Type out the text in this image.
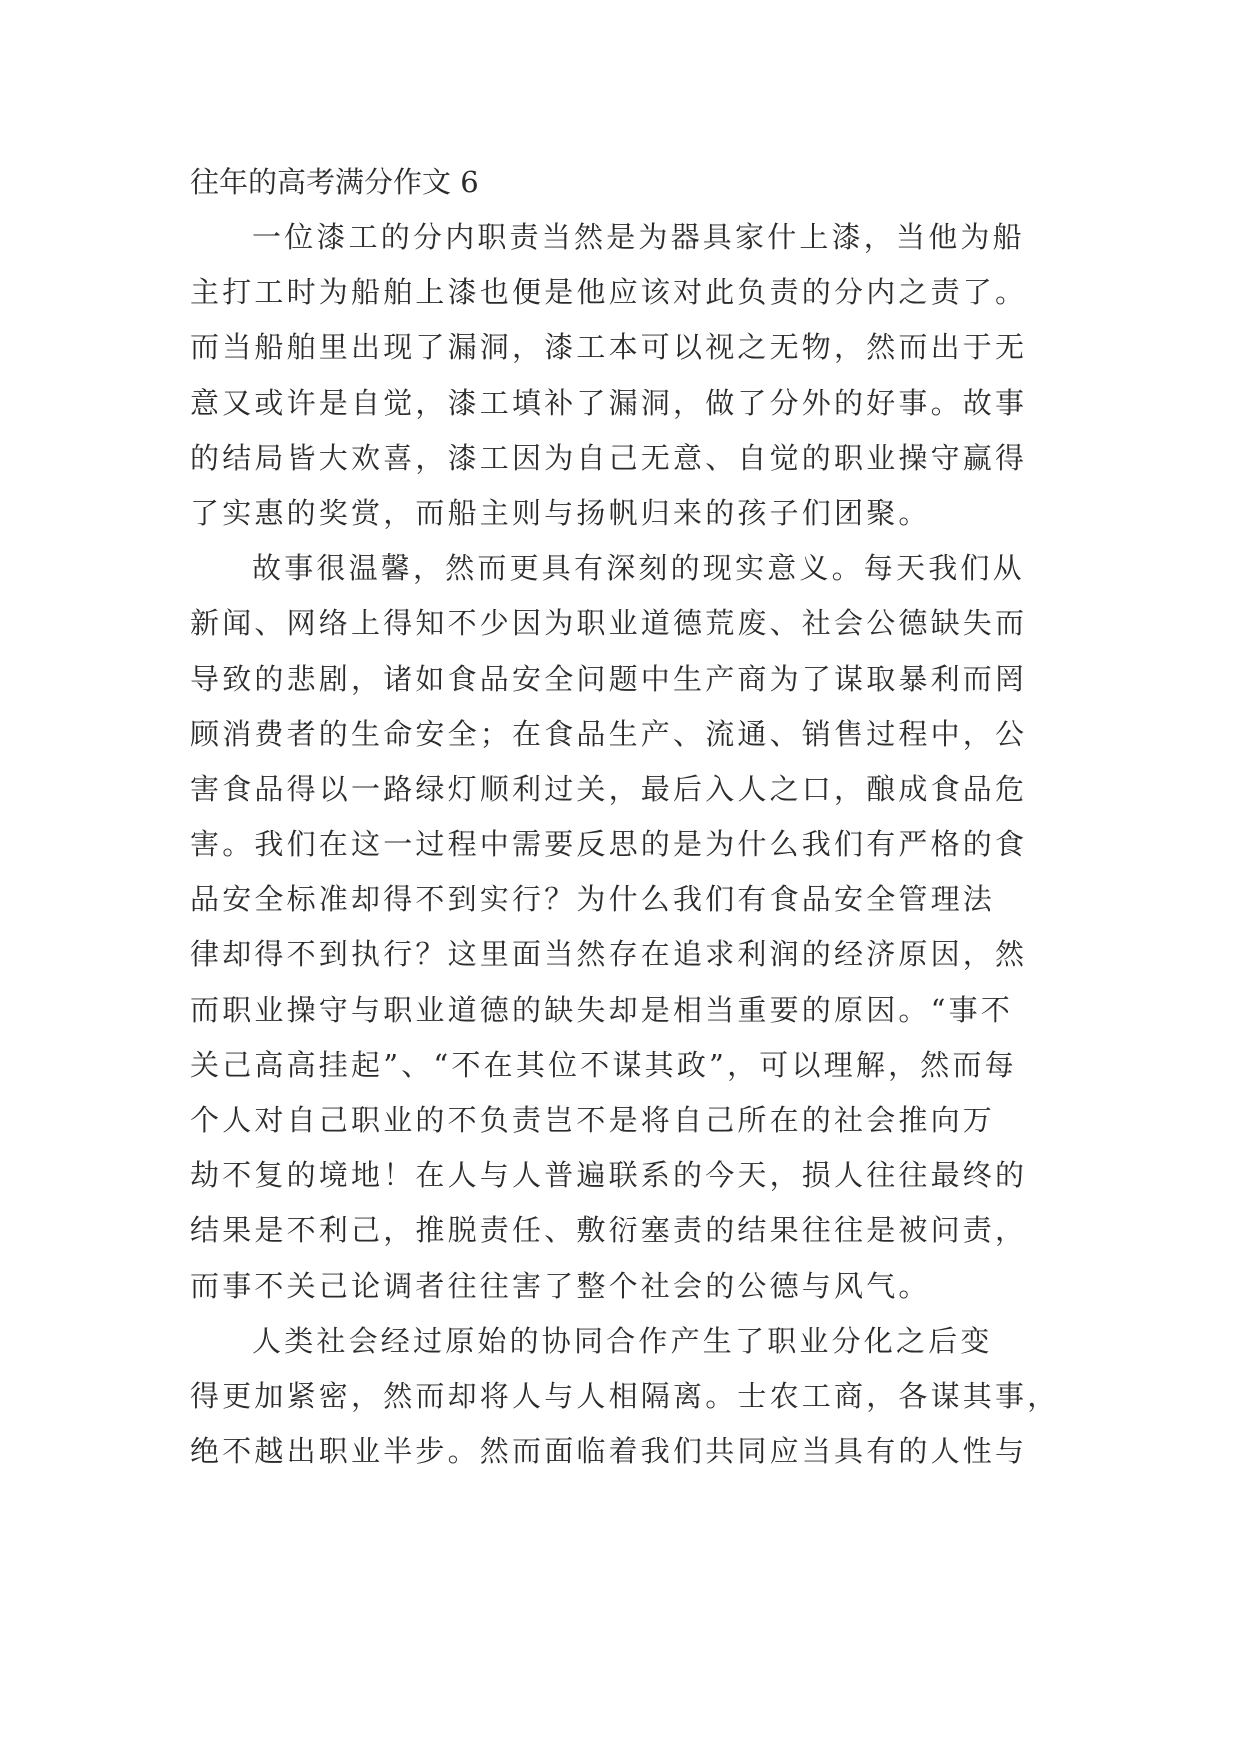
往年的高考满分作文 6
一位漆工的分内职责当然是为器具家什上漆，当他为船
主打工时为船舶上漆也便是他应该对此负责的分内之责了。
而当船舶里出现了漏洞，漆工本可以视之无物，然而出于无
意又或许是自觉，漆工填补了漏洞，做了分外的好事。故事
的结局皆大欢喜，漆工因为自己无意、自觉的职业操守赢得
了实惠的奖赏，而船主则与扬帆归来的孩子们团聚。
故事很温馨，然而更具有深刻的现实意义。每天我们从
新闻、网络上得知不少因为职业道德荒废、社会公德缺失而
导致的悲剧，诸如食品安全问题中生产商为了谋取暴利而罔
顾消费者的生命安全；在食品生产、流通、销售过程中，公
害食品得以一路绿灯顺利过关，最后入人之口，酿成食品危
害。我们在这一过程中需要反思的是为什么我们有严格的食
品安全标准却得不到实行？为什么我们有食品安全管理法
律却得不到执行？这里面当然存在追求利润的经济原因，然
而职业操守与职业道德的缺失却是相当重要的原因。“事不
关己高高挂起”、“不在其位不谋其政”，可以理解，然而每
个人对自己职业的不负责岂不是将自己所在的社会推向万
劫不复的境地！在人与人普遍联系的今天，损人往往最终的
结果是不利己，推脱责任、敷衍塞责的结果往往是被问责，
而事不关己论调者往往害了整个社会的公德与风气。
人类社会经过原始的协同合作产生了职业分化之后变
得更加紧密，然而却将人与人相隔离。士农工商，各谋其事，
绝不越出职业半步。然而面临着我们共同应当具有的人性与
